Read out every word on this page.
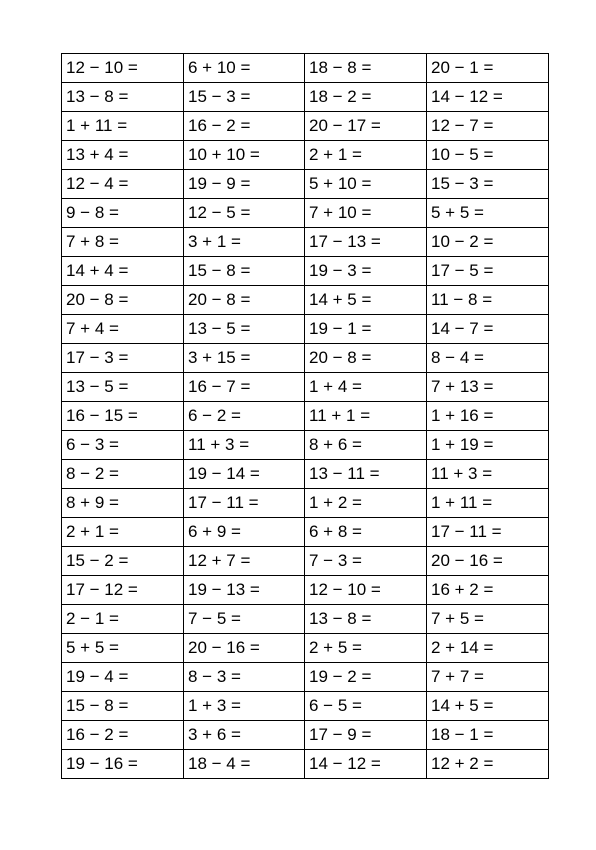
12 − 10 =	6 + 10 =	18 − 8 =	20 − 1 =
13 − 8 =	15 − 3 =	18 − 2 =	14 − 12 =
1 + 11 =	16 − 2 =	20 − 17 =	12 − 7 =
13 + 4 =	10 + 10 =	2 + 1 =	10 − 5 =
12 − 4 =	19 − 9 =	5 + 10 =	15 − 3 =
9 − 8 =	12 − 5 =	7 + 10 =	5 + 5 =
7 + 8 =	3 + 1 =	17 − 13 =	10 − 2 =
14 + 4 =	15 − 8 =	19 − 3 =	17 − 5 =
20 − 8 =	20 − 8 =	14 + 5 =	11 − 8 =
7 + 4 =	13 − 5 =	19 − 1 =	14 − 7 =
17 − 3 =	3 + 15 =	20 − 8 =	8 − 4 =
13 − 5 =	16 − 7 =	1 + 4 =	7 + 13 =
16 − 15 =	6 − 2 =	11 + 1 =	1 + 16 =
6 − 3 =	11 + 3 =	8 + 6 =	1 + 19 =
8 − 2 =	19 − 14 =	13 − 11 =	11 + 3 =
8 + 9 =	17 − 11 =	1 + 2 =	1 + 11 =
2 + 1 =	6 + 9 =	6 + 8 =	17 − 11 =
15 − 2 =	12 + 7 =	7 − 3 =	20 − 16 =
17 − 12 =	19 − 13 =	12 − 10 =	16 + 2 =
2 − 1 =	7 − 5 =	13 − 8 =	7 + 5 =
5 + 5 =	20 − 16 =	2 + 5 =	2 + 14 =
19 − 4 =	8 − 3 =	19 − 2 =	7 + 7 =
15 − 8 =	1 + 3 =	6 − 5 =	14 + 5 =
16 − 2 =	3 + 6 =	17 − 9 =	18 − 1 =
19 − 16 =	18 − 4 =	14 − 12 =	12 + 2 =
